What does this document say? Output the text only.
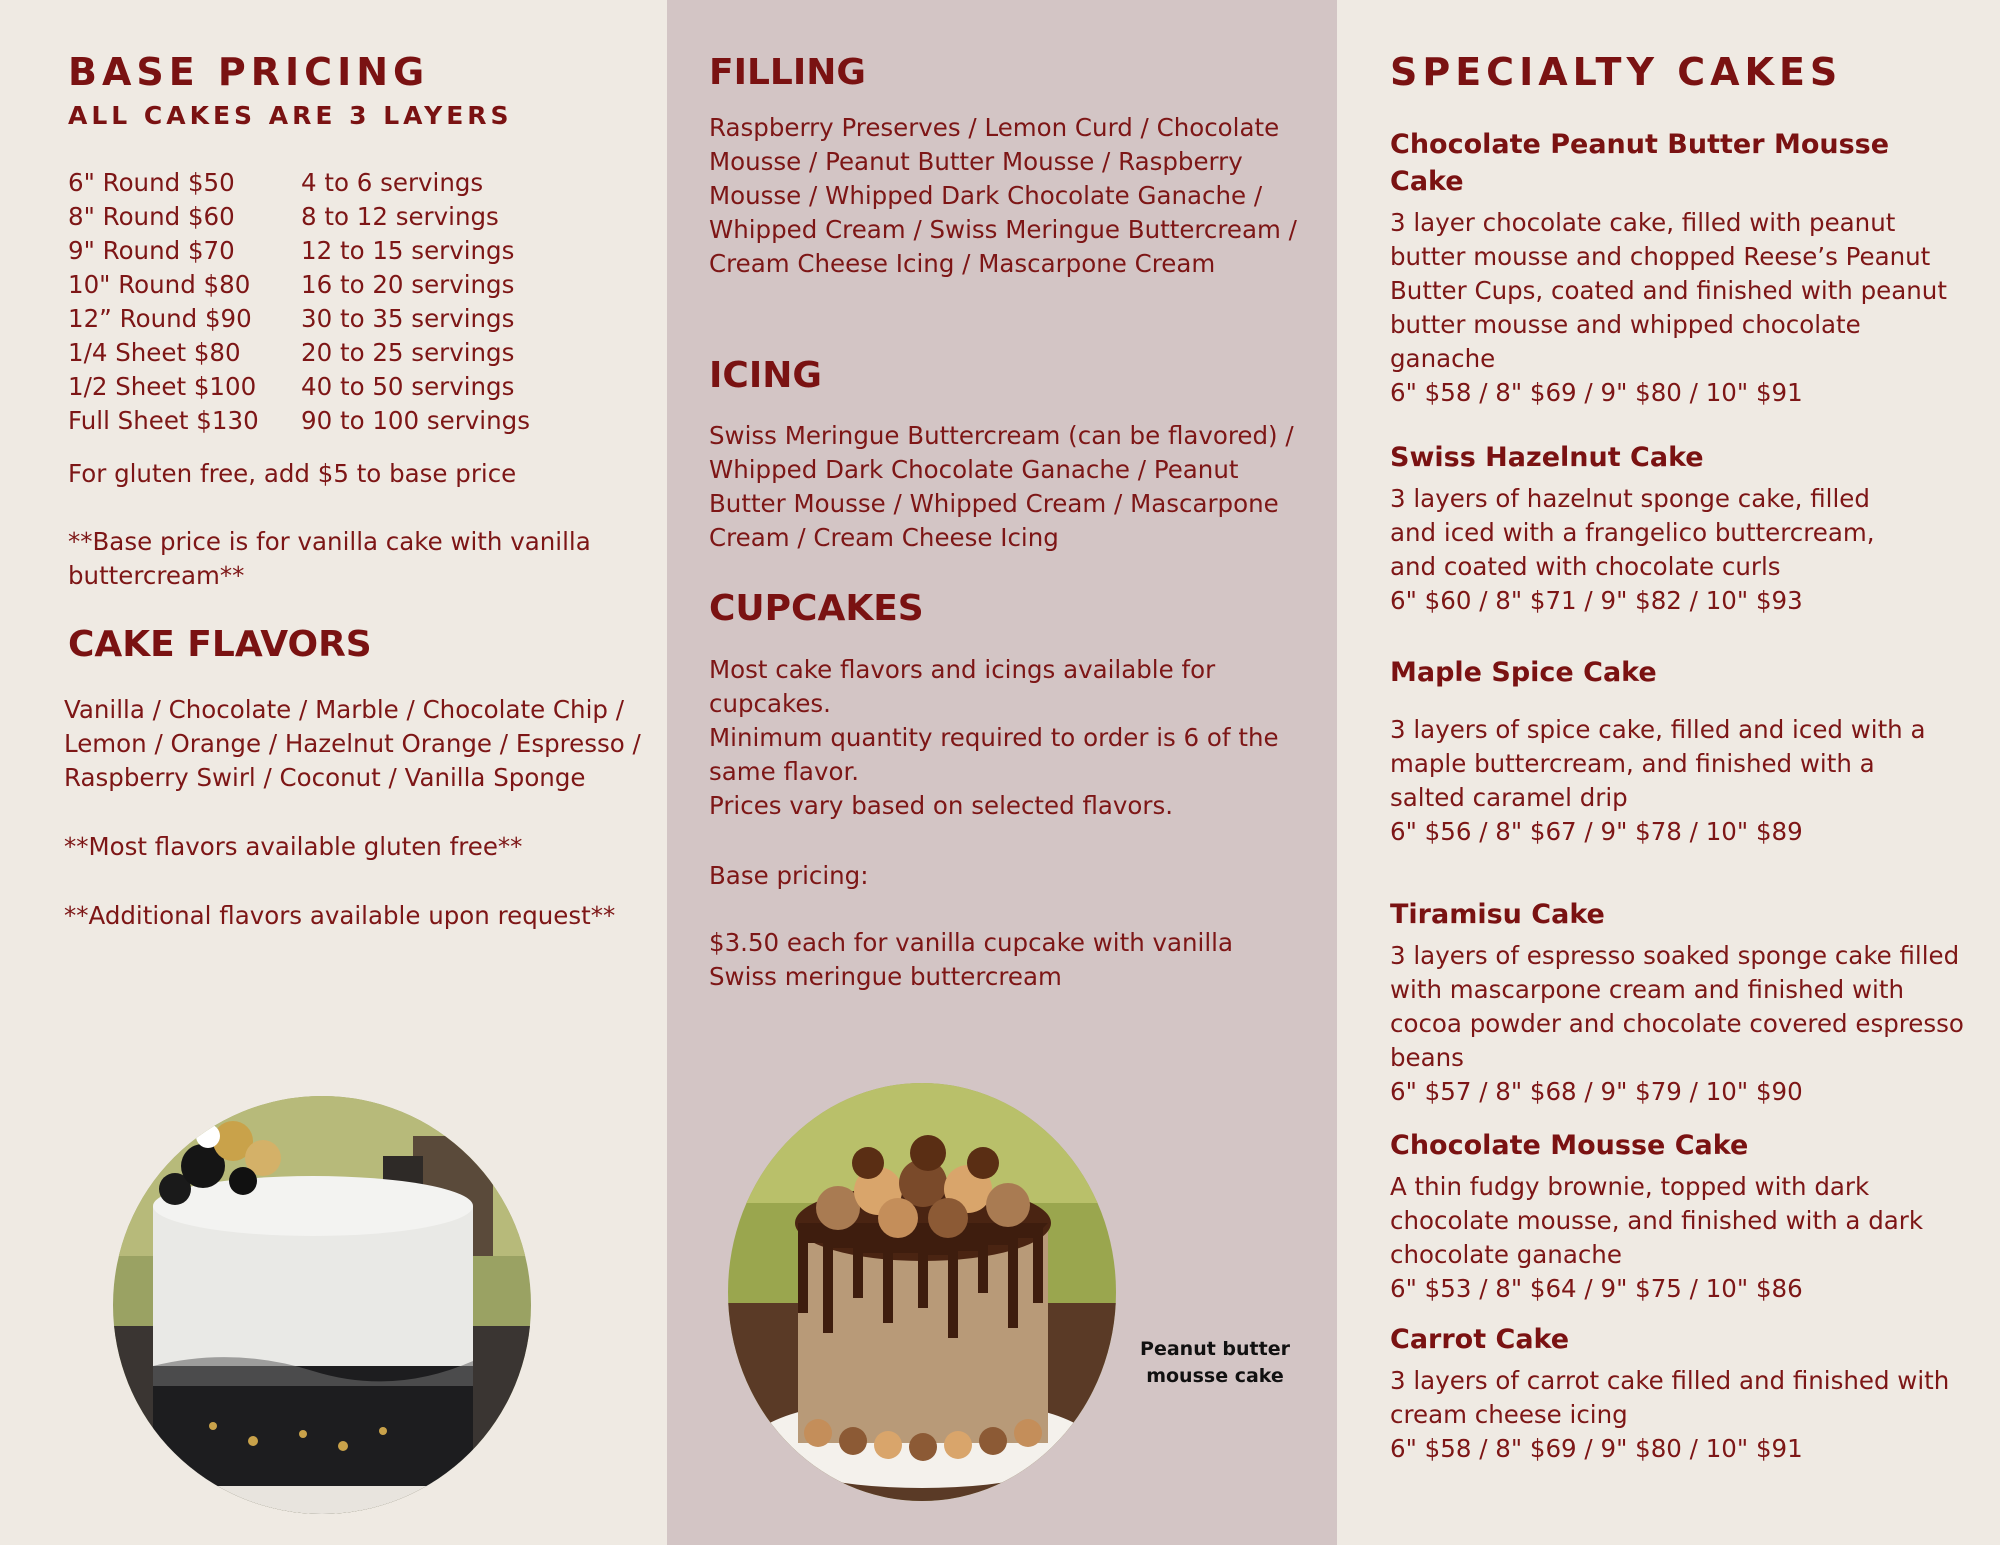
BASE PRICING
ALL CAKES ARE 3 LAYERS
6" Round $50	4 to 6 servings
8" Round $60	8 to 12 servings
9" Round $70	12 to 15 servings
10" Round $80	16 to 20 servings
12” Round $90	30 to 35 servings
1/4 Sheet $80	20 to 25 servings
1/2 Sheet $100	40 to 50 servings
Full Sheet $130	90 to 100 servings
For gluten free, add $5 to base price
**Base price is for vanilla cake with vanilla buttercream**
CAKE FLAVORS
Vanilla / Chocolate / Marble / Chocolate Chip / Lemon / Orange / Hazelnut Orange / Espresso / Raspberry Swirl / Coconut / Vanilla Sponge
**Most flavors available gluten free**
**Additional flavors available upon request**
FILLING
Raspberry Preserves / Lemon Curd / Chocolate Mousse / Peanut Butter Mousse / Raspberry Mousse / Whipped Dark Chocolate Ganache / Whipped Cream / Swiss Meringue Buttercream / Cream Cheese Icing / Mascarpone Cream
ICING
Swiss Meringue Buttercream (can be flavored) / Whipped Dark Chocolate Ganache / Peanut Butter Mousse / Whipped Cream / Mascarpone Cream / Cream Cheese Icing
CUPCAKES

Most cake flavors and icings available for cupcakes.

Minimum quantity required to order is 6 of the same flavor.

Prices vary based on selected flavors.

Base pricing:
$3.50 each for vanilla cupcake with vanilla Swiss meringue buttercream
Peanut butter mousse cake
SPECIALTY CAKES
Chocolate Peanut Butter Mousse Cake
3 layer chocolate cake, filled with peanut butter mousse and chopped Reese’s Peanut Butter Cups, coated and finished with peanut butter mousse and whipped chocolate ganache
6" $58 / 8" $69 / 9" $80 / 10" $91
Swiss Hazelnut Cake
3 layers of hazelnut sponge cake, filled and iced with a frangelico buttercream, and coated with chocolate curls
6" $60 / 8" $71 / 9" $82 / 10" $93
Maple Spice Cake
3 layers of spice cake, filled and iced with a maple buttercream, and finished with a salted caramel drip
6" $56 / 8" $67 / 9" $78 / 10" $89
Tiramisu Cake
3 layers of espresso soaked sponge cake filled with mascarpone cream and finished with cocoa powder and chocolate covered espresso beans
6" $57 / 8" $68 / 9" $79 / 10" $90
Chocolate Mousse Cake
A thin fudgy brownie, topped with dark chocolate mousse, and finished with a dark chocolate ganache
6" $53 / 8" $64 / 9" $75 / 10" $86
Carrot Cake
3 layers of carrot cake filled and finished with cream cheese icing
6" $58 / 8" $69 / 9" $80 / 10" $91
